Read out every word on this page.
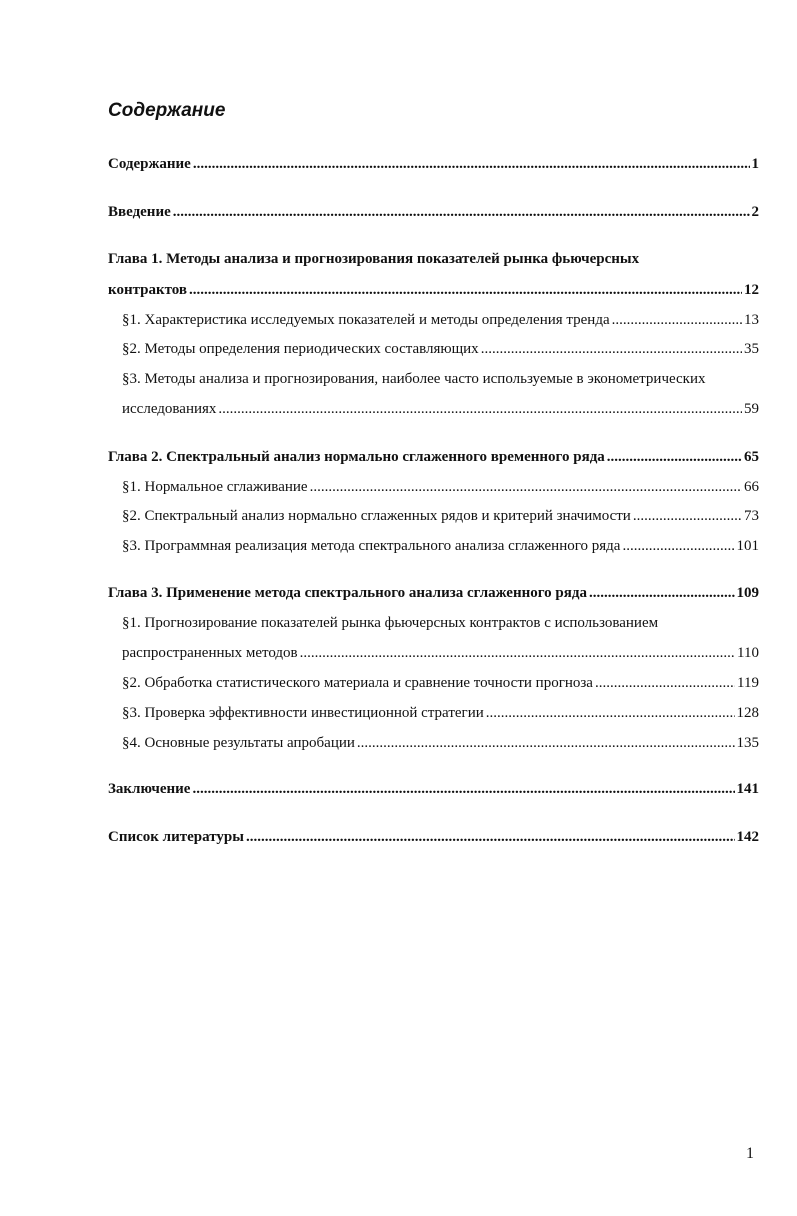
Содержание
Содержание .....	1
Введение .....	2
Глава 1. Методы анализа и прогнозирования показателей рынка фьючерсных
контрактов .....	12
§1. Характеристика исследуемых показателей и методы определения тренда .....	13
§2. Методы определения периодических составляющих .....	35
§3. Методы анализа и прогнозирования, наиболее часто используемые в эконометрических
исследованиях .....	59
Глава 2. Спектральный анализ нормально сглаженного временного ряда .....	65
§1. Нормальное сглаживание .....	66
§2. Спектральный анализ нормально сглаженных рядов и критерий значимости .....	73
§3. Программная реализация метода спектрального анализа сглаженного ряда .....	101
Глава 3. Применение метода спектрального анализа сглаженного ряда .....	109
§1. Прогнозирование показателей рынка фьючерсных контрактов с использованием
распространенных методов .....	110
§2. Обработка статистического материала и сравнение точности прогноза .....	119
§3. Проверка эффективности инвестиционной стратегии .....	128
§4. Основные результаты апробации .....	135
Заключение .....	141
Список литературы .....	142
1
